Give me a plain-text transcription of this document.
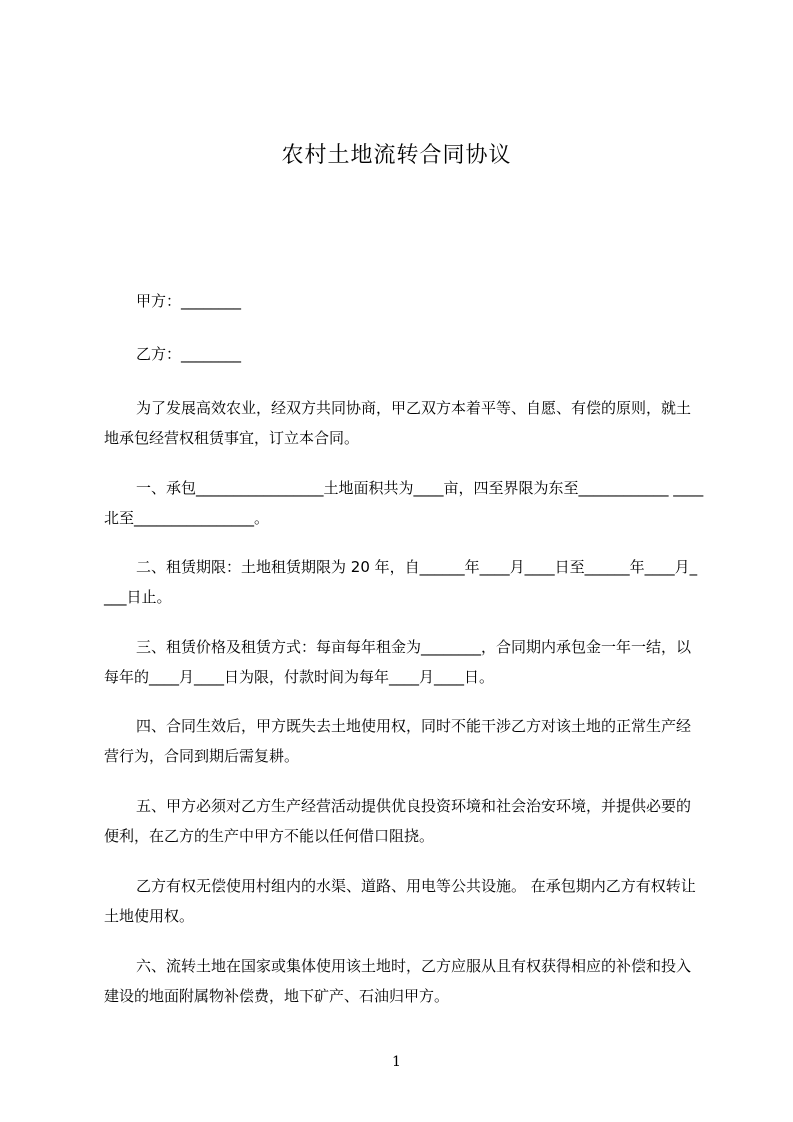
农村土地流转合同协议

甲方：________

乙方：________

为了发展高效农业，经双方共同协商，甲乙双方本着平等、自愿、有偿的原则，就土地承包经营权租赁事宜，订立本合同。

一、承包_________________土地面积共为____亩，四至界限为东至____________ ____北至________________。

二、租赁期限：土地租赁期限为 20 年，自______年____月____日至______年____月____日止。

三、租赁价格及租赁方式：每亩每年租金为________，合同期内承包金一年一结，以每年的____月____日为限，付款时间为每年____月____日。

四、合同生效后，甲方既失去土地使用权，同时不能干涉乙方对该土地的正常生产经营行为，合同到期后需复耕。

五、甲方必须对乙方生产经营活动提供优良投资环境和社会治安环境，并提供必要的便利，在乙方的生产中甲方不能以任何借口阻挠。

乙方有权无偿使用村组内的水渠、道路、用电等公共设施。 在承包期内乙方有权转让土地使用权。

六、流转土地在国家或集体使用该土地时，乙方应服从且有权获得相应的补偿和投入建设的地面附属物补偿费，地下矿产、石油归甲方。

1
